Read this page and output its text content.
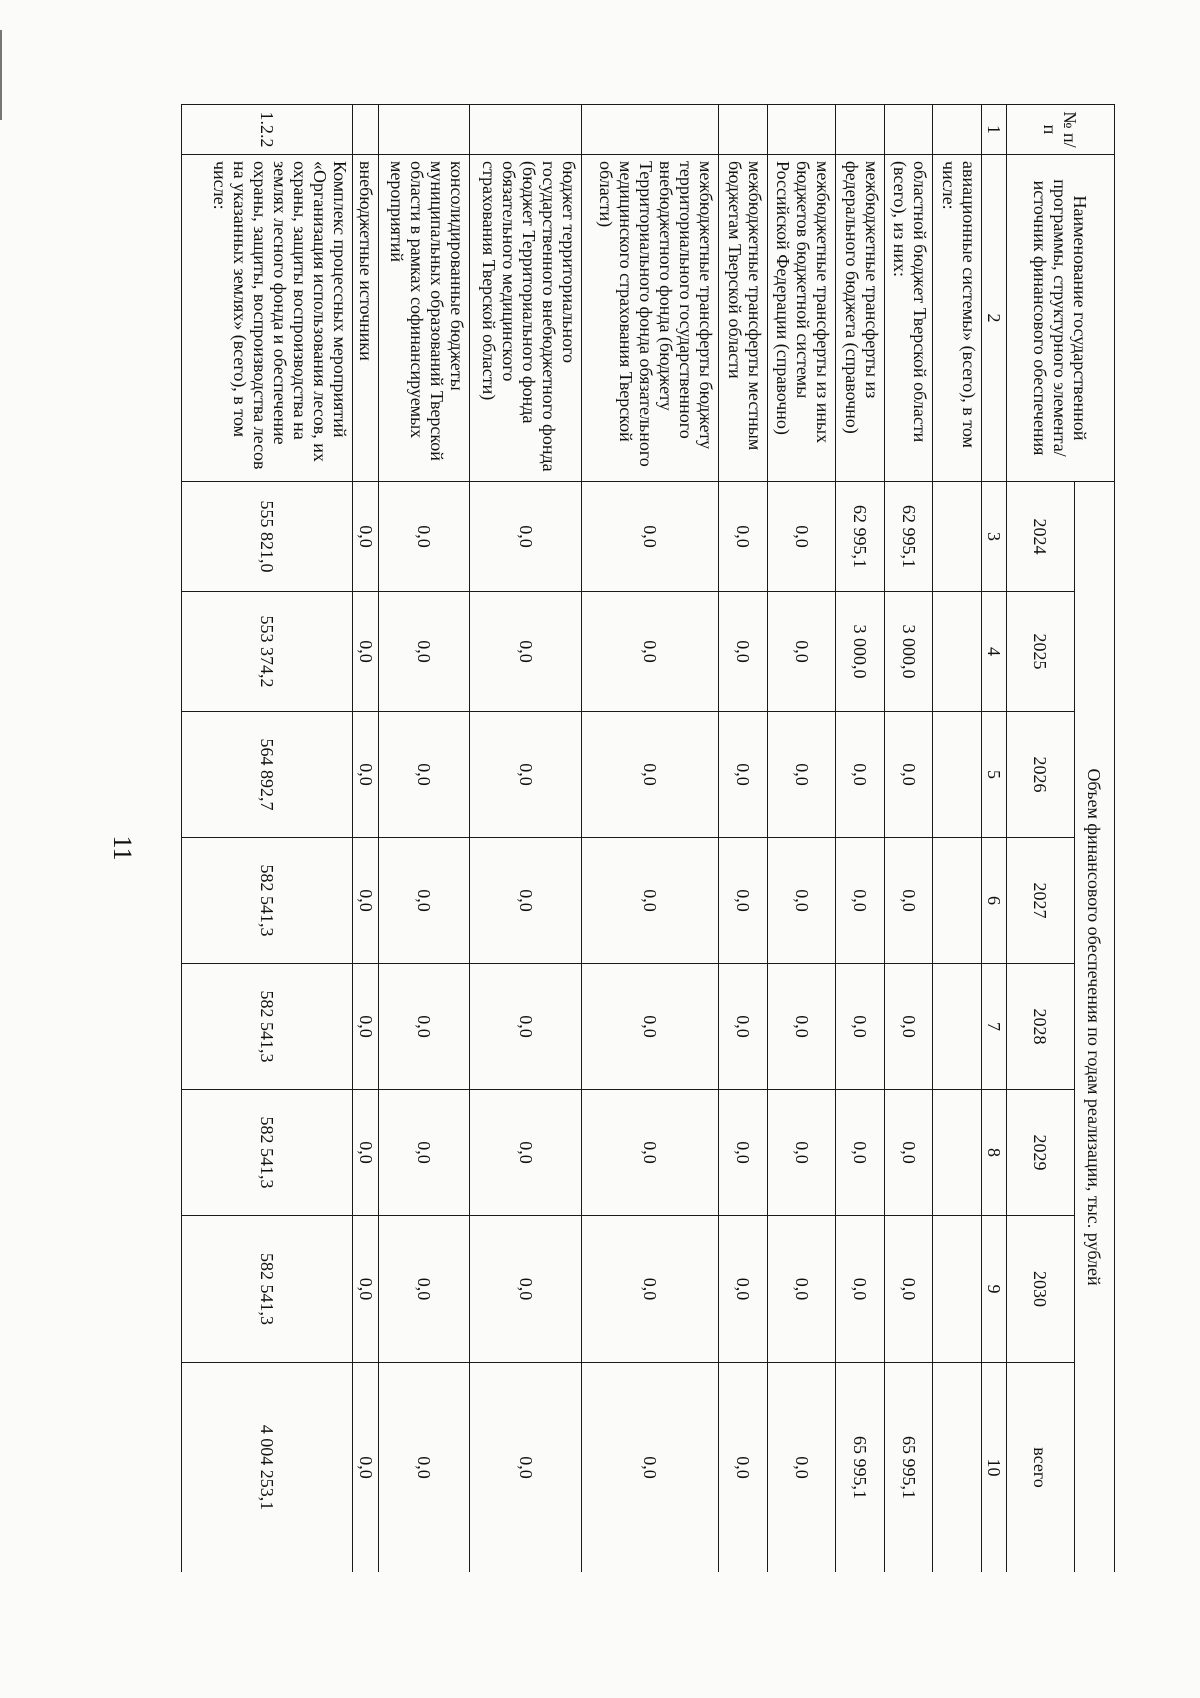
11
№ п/п	Наименование государственной программы, структурного элемента/источник финансового обеспечения	Объем финансового обеспечения по годам реализации, тыс. рублей							
		2024	2025	2026	2027	2028	2029	2030	всего
1	2	3	4	5	6	7	8	9	10
	авиационные системы» (всего), в том числе:								
	областной бюджет Тверской области (всего), из них:	62 995,1	3 000,0	0,0	0,0	0,0	0,0	0,0	65 995,1
	межбюджетные трансферты из федерального бюджета (справочно)	62 995,1	3 000,0	0,0	0,0	0,0	0,0	0,0	65 995,1
	межбюджетные трансферты из иных бюджетов бюджетной системы Российской Федерации (справочно)	0,0	0,0	0,0	0,0	0,0	0,0	0,0	0,0
	межбюджетные трансферты местным бюджетам Тверской области	0,0	0,0	0,0	0,0	0,0	0,0	0,0	0,0
	межбюджетные трансферты бюджету территориального государственного внебюджетного фонда (бюджету Территориального фонда обязательного медицинского страхования Тверской области)	0,0	0,0	0,0	0,0	0,0	0,0	0,0	0,0
	бюджет территориального государственного внебюджетного фонда (бюджет Территориального фонда обязательного медицинского страхования Тверской области)	0,0	0,0	0,0	0,0	0,0	0,0	0,0	0,0
	консолидированные бюджеты муниципальных образований Тверской области в рамках софинансируемых мероприятий	0,0	0,0	0,0	0,0	0,0	0,0	0,0	0,0
	внебюджетные источники	0,0	0,0	0,0	0,0	0,0	0,0	0,0	0,0
1.2.2	Комплекс процессных мероприятий «Организация использования лесов, их охраны, защиты воспроизводства на землях лесного фонда и обеспечение охраны, защиты, воспроизводства лесов на указанных землях» (всего), в том числе:	555 821,0	553 374,2	564 892,7	582 541,3	582 541,3	582 541,3	582 541,3	4 004 253,1
